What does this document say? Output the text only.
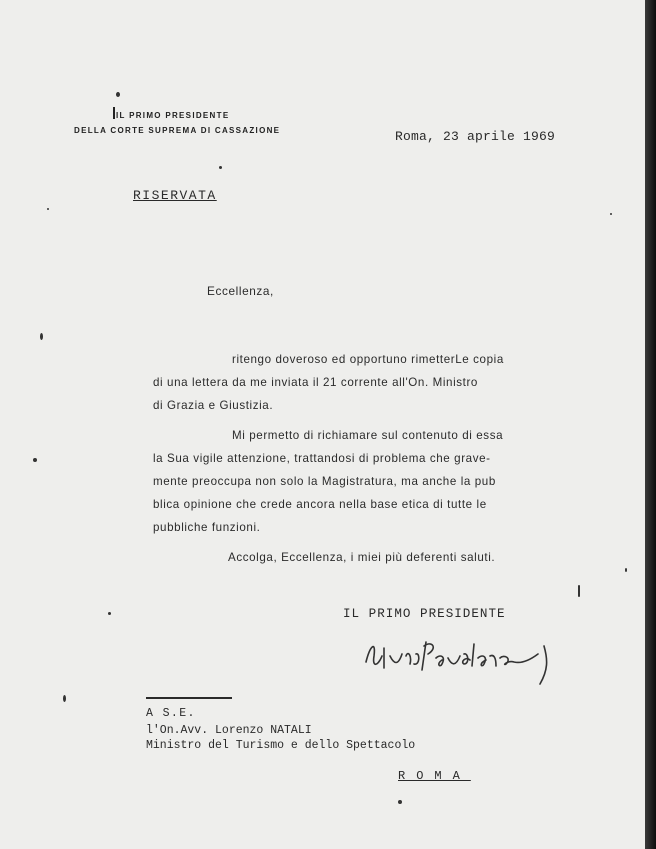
IL PRIMO PRESIDENTE
DELLA CORTE SUPREMA DI CASSAZIONE	Roma, 23 aprile 1969
RISERVATA
Eccellenza,
ritengo doveroso ed opportuno rimetterLe copia
di una lettera da me inviata il 21 corrente all'On. Ministro
di Grazia e Giustizia.
Mi permetto di richiamare sul contenuto di essa
la Sua vigile attenzione, trattandosi di problema che grave-
mente preoccupa non solo la Magistratura, ma anche la pub
blica opinione che crede ancora nella base etica di tutte le
pubbliche funzioni.
Accolga, Eccellenza, i miei più deferenti saluti.
IL PRIMO PRESIDENTE
A S.E.
l'On.Avv. Lorenzo NATALI
Ministro del Turismo e dello Spettacolo
ROMA
